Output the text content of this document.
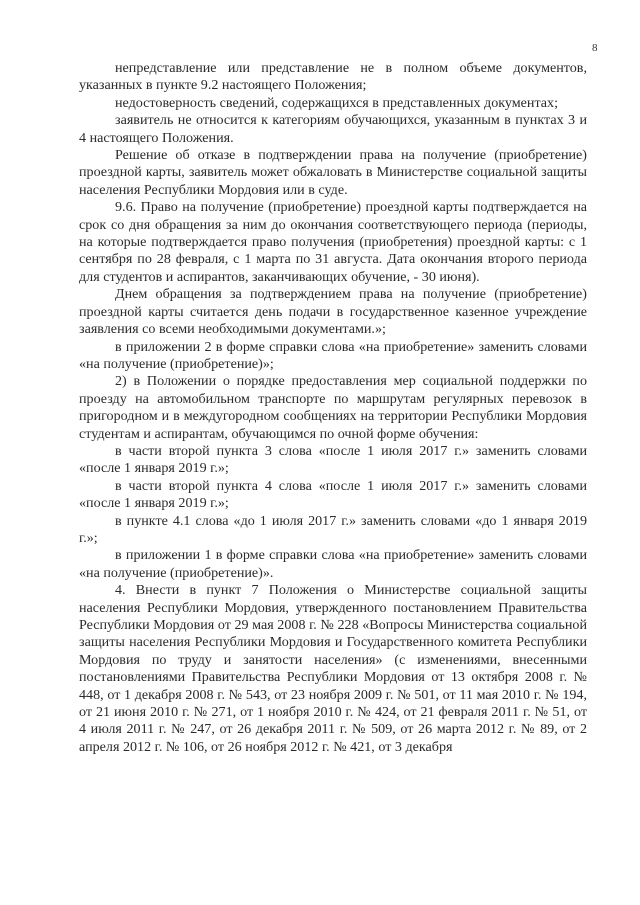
8

непредставление или представление не в полном объеме документов, указанных в пункте 9.2 настоящего Положения;

недостоверность сведений, содержащихся в представленных документах;

заявитель не относится к категориям обучающихся, указанным в пунктах 3 и 4 настоящего Положения.

Решение об отказе в подтверждении права на получение (приобретение) проездной карты, заявитель может обжаловать в Министерстве социальной защиты населения Республики Мордовия или в суде.

9.6. Право на получение (приобретение) проездной карты подтверждается на срок со дня обращения за ним до окончания соответствующего периода (периоды, на которые подтверждается право получения (приобретения) проездной карты: с 1 сентября по 28 февраля, с 1 марта по 31 августа. Дата окончания второго периода для студентов и аспирантов, заканчивающих обучение, - 30 июня).

Днем обращения за подтверждением права на получение (приобретение) проездной карты считается день подачи в государственное казенное учреждение заявления со всеми необходимыми документами.»;

в приложении 2 в форме справки слова «на приобретение» заменить словами «на получение (приобретение)»;

2) в Положении о порядке предоставления мер социальной поддержки по проезду на автомобильном транспорте по маршрутам регулярных перевозок в пригородном и в междугородном сообщениях на территории Республики Мордовия студентам и аспирантам, обучающимся по очной форме обучения:

в части второй пункта 3 слова «после 1 июля 2017 г.» заменить словами «после 1 января 2019 г.»;

в части второй пункта 4 слова «после 1 июля 2017 г.» заменить словами «после 1 января 2019 г.»;

в пункте 4.1 слова «до 1 июля 2017 г.» заменить словами «до 1 января 2019 г.»;

в приложении 1 в форме справки слова «на приобретение» заменить словами «на получение (приобретение)».

4. Внести в пункт 7 Положения о Министерстве социальной защиты населения Республики Мордовия, утвержденного постановлением Правительства Республики Мордовия от 29 мая 2008 г. № 228 «Вопросы Министерства социальной защиты населения Республики Мордовия и Государственного комитета Республики Мордовия по труду и занятости населения» (с изменениями, внесенными постановлениями Правительства Республики Мордовия от 13 октября 2008 г. № 448, от 1 декабря 2008 г. № 543, от 23 ноября 2009 г. № 501, от 11 мая 2010 г. № 194, от 21 июня 2010 г. № 271, от 1 ноября 2010 г. № 424, от 21 февраля 2011 г. № 51, от 4 июля 2011 г. № 247, от 26 декабря 2011 г. № 509, от 26 марта 2012 г. № 89, от 2 апреля 2012 г. № 106, от 26 ноября 2012 г. № 421, от 3 декабря
